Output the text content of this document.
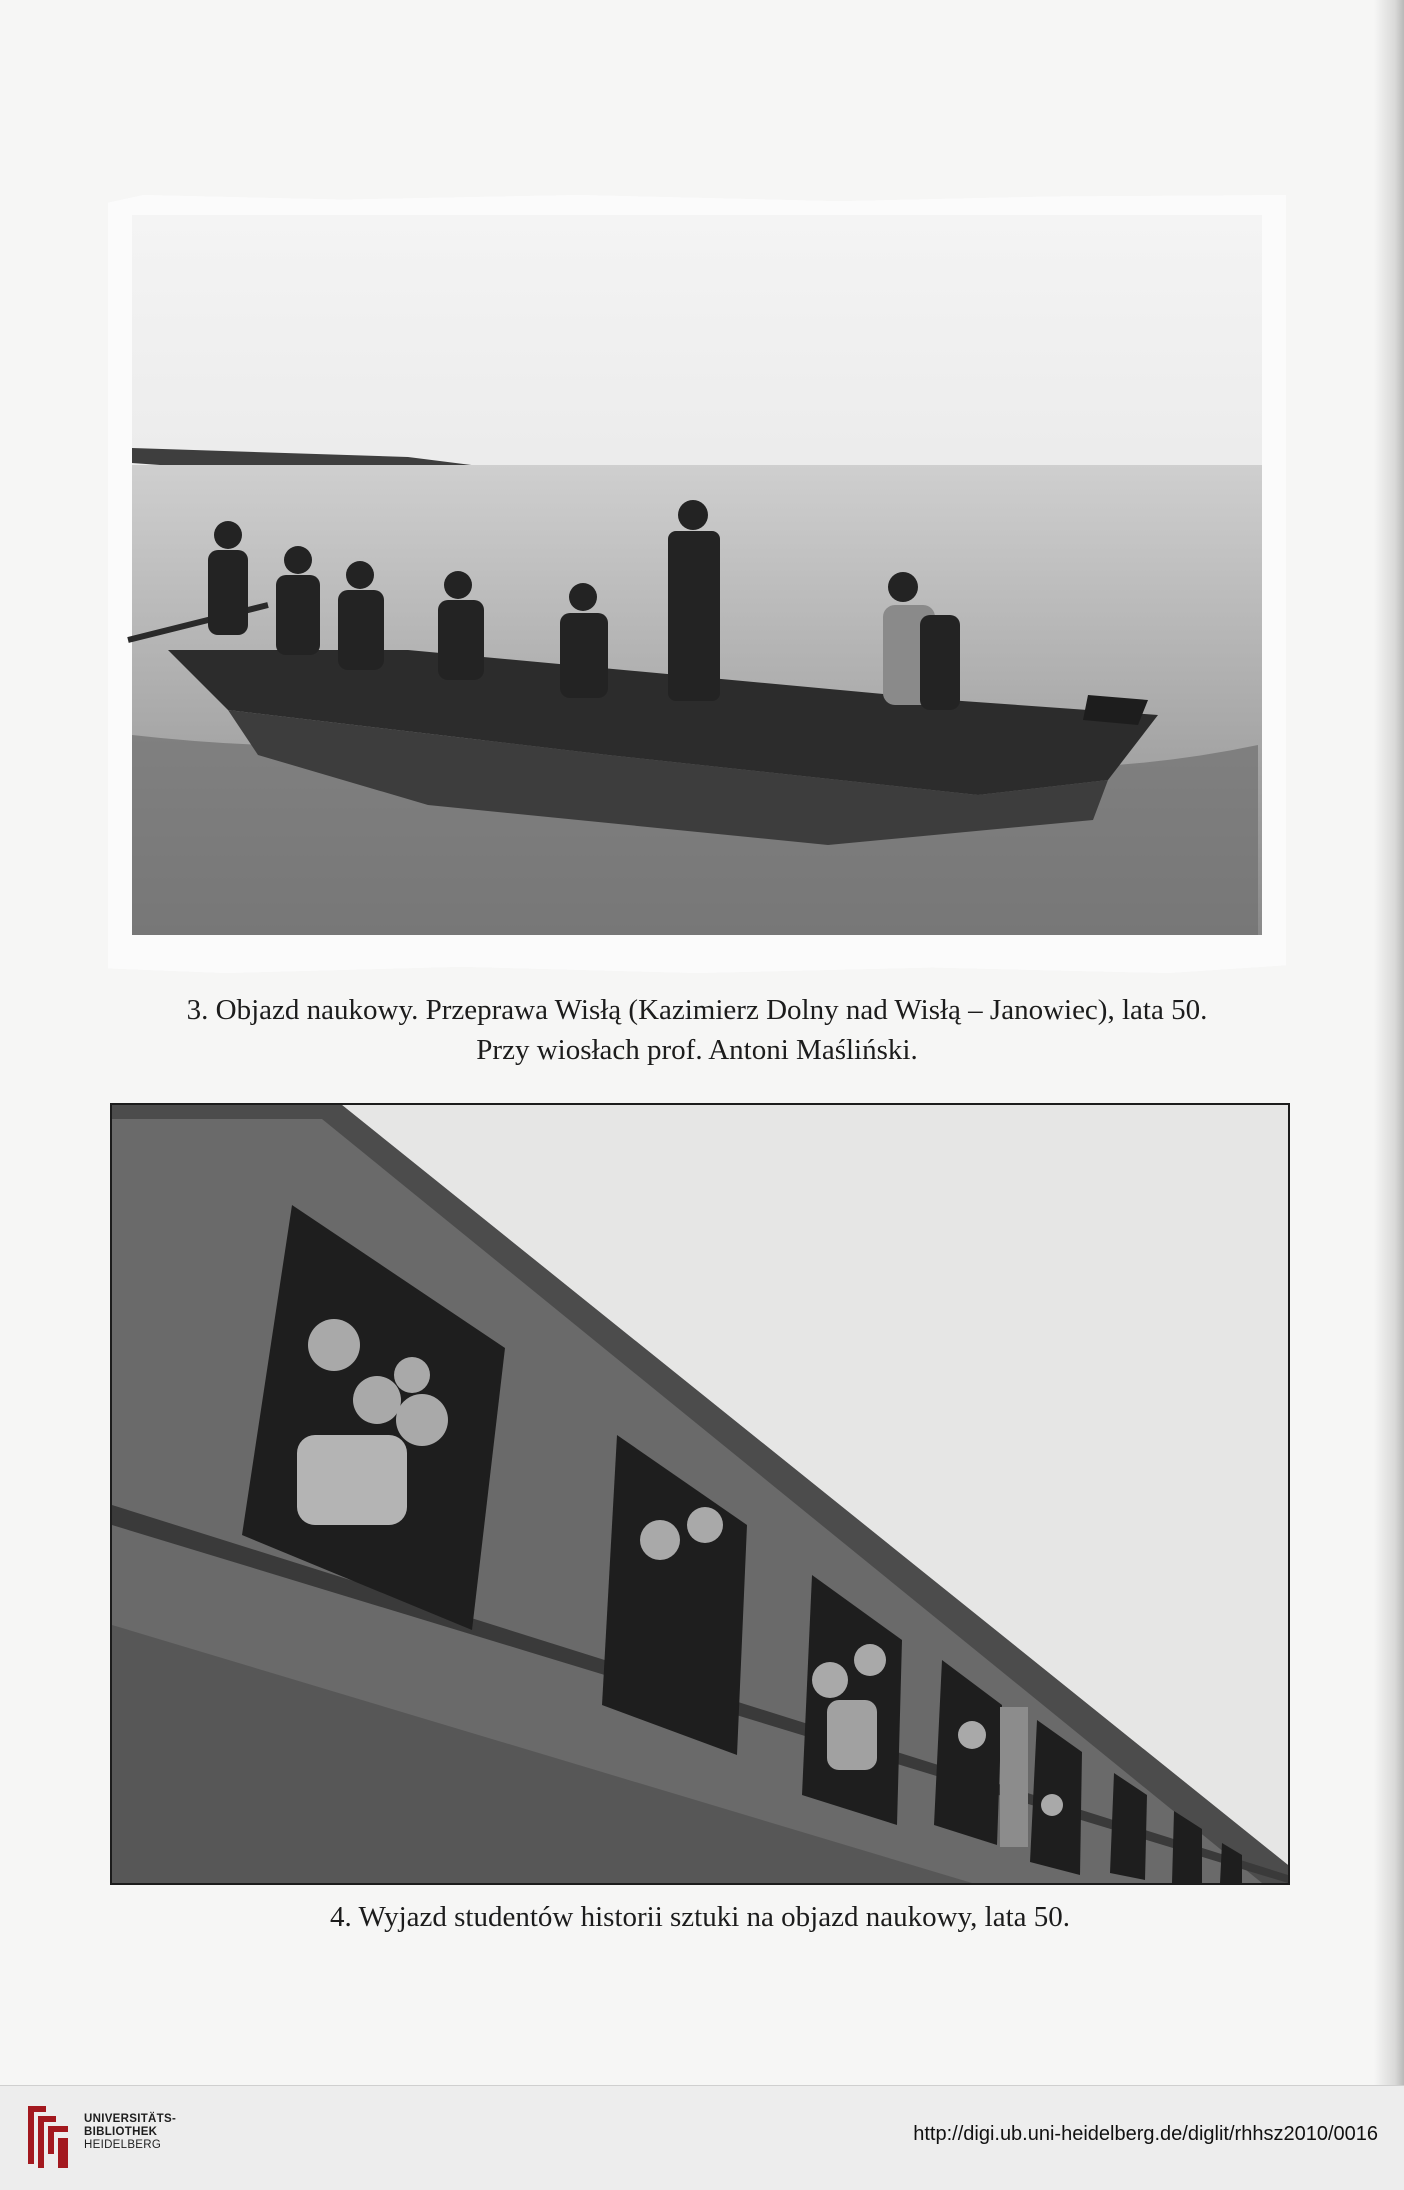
3. Objazd naukowy. Przeprawa Wisłą (Kazimierz Dolny nad Wisłą – Janowiec), lata 50.
Przy wiosłach prof. Antoni Maśliński.
4. Wyjazd studentów historii sztuki na objazd naukowy, lata 50.
UNIVERSITÄTS-
BIBLIOTHEK
HEIDELBERG	http://digi.ub.uni-heidelberg.de/diglit/rhhsz2010/0016
